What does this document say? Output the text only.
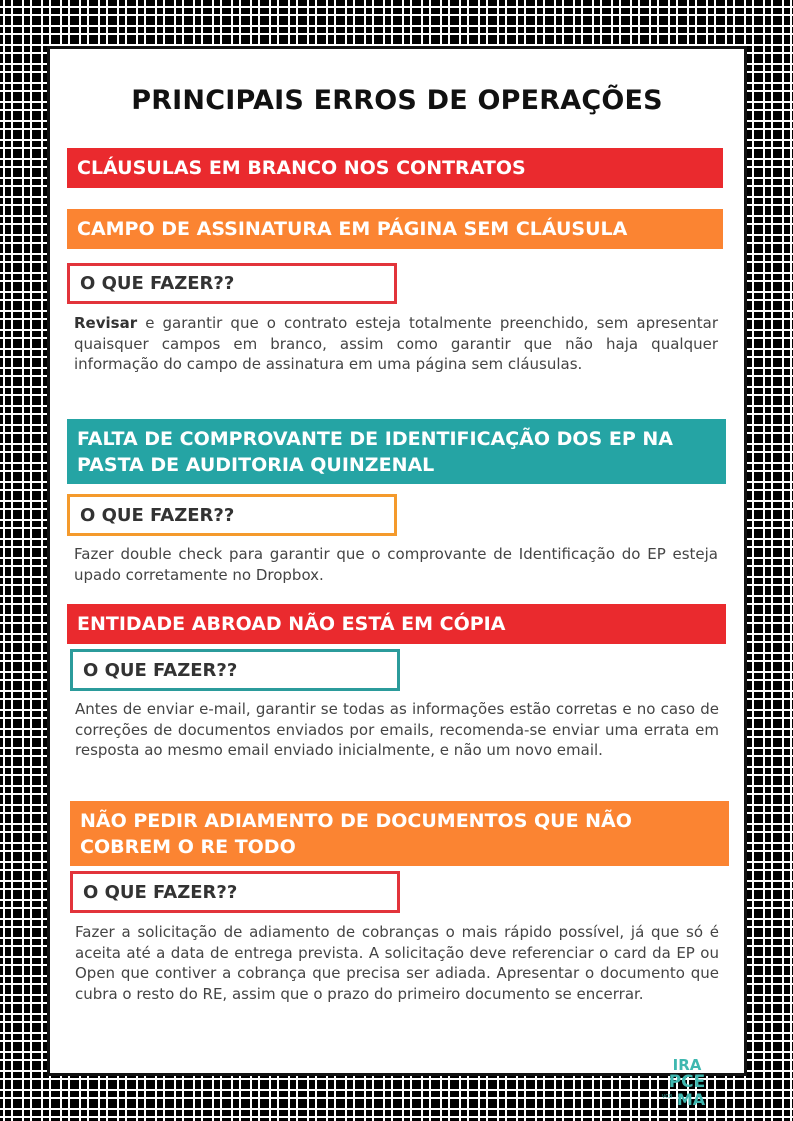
PRINCIPAIS ERROS DE OPERAÇÕES
CLÁUSULAS EM BRANCO NOS CONTRATOS
CAMPO DE ASSINATURA EM PÁGINA SEM CLÁUSULA
O QUE FAZER??

Revisar e garantir que o contrato esteja totalmente preenchido, sem apresentar quaisquer campos em branco, assim como garantir que não haja qualquer informação do campo de assinatura em uma página sem cláusulas.

FALTA DE COMPROVANTE DE IDENTIFICAÇÃO DOS EP NA
PASTA DE AUDITORIA QUINZENAL
O QUE FAZER??

Fazer double check para garantir que o comprovante de Identificação do EP esteja upado corretamente no Dropbox.

ENTIDADE ABROAD NÃO ESTÁ EM CÓPIA
O QUE FAZER??

Antes de enviar e-mail, garantir se todas as informações estão corretas e no caso de correções de documentos enviados por emails, recomenda-se enviar uma errata em resposta ao mesmo email enviado inicialmente, e não um novo email.

NÃO PEDIR ADIAMENTO DE DOCUMENTOS QUE NÃO
COBREM O RE TODO
O QUE FAZER??

Fazer a solicitação de adiamento de cobranças o mais rápido possível, já que só é aceita até a data de entrega prevista. A solicitação deve referenciar o card da EP ou Open que contiver a cobrança que precisa ser adiada. Apresentar o documento que cubra o resto do RE, assim que o prazo do primeiro documento se encerrar.

IRA
PCE
MA
VCB
